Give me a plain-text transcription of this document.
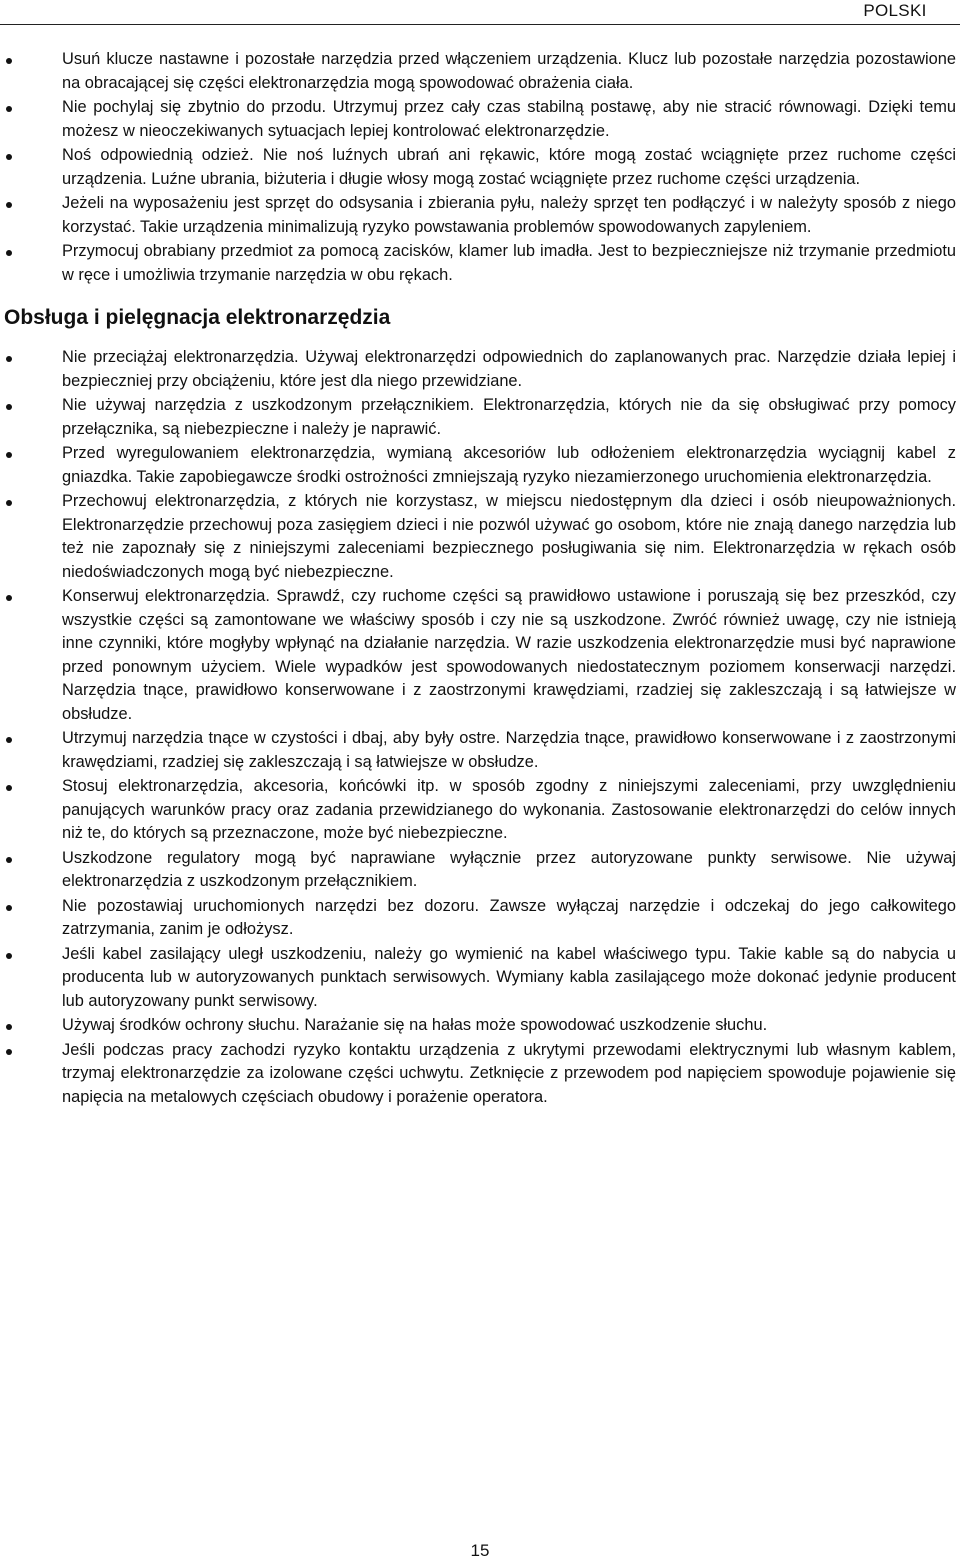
POLSKI
Usuń klucze nastawne i pozostałe narzędzia przed włączeniem urządzenia. Klucz lub pozostałe narzędzia pozostawione na obracającej się części elektronarzędzia mogą spowodować obrażenia ciała.
Nie pochylaj się zbytnio do przodu. Utrzymuj przez cały czas stabilną postawę, aby nie stracić równowagi. Dzięki temu możesz w nieoczekiwanych sytuacjach lepiej kontrolować elektronarzędzie.
Noś odpowiednią odzież. Nie noś luźnych ubrań ani rękawic, które mogą zostać wciągnięte przez ruchome części urządzenia. Luźne ubrania, biżuteria i długie włosy mogą zostać wciągnięte przez ruchome części urządzenia.
Jeżeli na wyposażeniu jest sprzęt do odsysania i zbierania pyłu, należy sprzęt ten podłączyć i w należyty sposób z niego korzystać. Takie urządzenia minimalizują ryzyko powstawania problemów spowodowanych zapyleniem.
Przymocuj obrabiany przedmiot za pomocą zacisków, klamer lub imadła. Jest to bezpieczniejsze niż trzymanie przedmiotu w ręce i umożliwia trzymanie narzędzia w obu rękach.
Obsługa i pielęgnacja elektronarzędzia
Nie przeciążaj elektronarzędzia. Używaj elektronarzędzi odpowiednich do zaplanowanych prac. Narzędzie działa lepiej i bezpieczniej przy obciążeniu, które jest dla niego przewidziane.
Nie używaj narzędzia z uszkodzonym przełącznikiem. Elektronarzędzia, których nie da się obsługiwać przy pomocy przełącznika, są niebezpieczne i należy je naprawić.
Przed wyregulowaniem elektronarzędzia, wymianą akcesoriów lub odłożeniem elektronarzędzia wyciągnij kabel z gniazdka. Takie zapobiegawcze środki ostrożności zmniejszają ryzyko niezamierzonego uruchomienia elektronarzędzia.
Przechowuj elektronarzędzia, z których nie korzystasz, w miejscu niedostępnym dla dzieci i osób nieupoważnionych. Elektronarzędzie przechowuj poza zasięgiem dzieci i nie pozwól używać go osobom, które nie znają danego narzędzia lub też nie zapoznały się z niniejszymi zaleceniami bezpiecznego posługiwania się nim. Elektronarzędzia w rękach osób niedoświadczonych mogą być niebezpieczne.
Konserwuj elektronarzędzia. Sprawdź, czy ruchome części są prawidłowo ustawione i poruszają się bez przeszkód, czy wszystkie części są zamontowane we właściwy sposób i czy nie są uszkodzone. Zwróć również uwagę, czy nie istnieją inne czynniki, które mogłyby wpłynąć na działanie narzędzia. W razie uszkodzenia elektronarzędzie musi być naprawione przed ponownym użyciem. Wiele wypadków jest spowodowanych niedostatecznym poziomem konserwacji narzędzi. Narzędzia tnące, prawidłowo konserwowane i z zaostrzonymi krawędziami, rzadziej się zakleszczają i są łatwiejsze w obsłudze.
Utrzymuj narzędzia tnące w czystości i dbaj, aby były ostre. Narzędzia tnące, prawidłowo konserwowane i z zaostrzonymi krawędziami, rzadziej się zakleszczają i są łatwiejsze w obsłudze.
Stosuj elektronarzędzia, akcesoria, końcówki itp. w sposób zgodny z niniejszymi zaleceniami, przy uwzględnieniu panujących warunków pracy oraz zadania przewidzianego do wykonania. Zastosowanie elektronarzędzi do celów innych niż te, do których są przeznaczone, może być niebezpieczne.
Uszkodzone regulatory mogą być naprawiane wyłącznie przez autoryzowane punkty serwisowe. Nie używaj elektronarzędzia z uszkodzonym przełącznikiem.
Nie pozostawiaj uruchomionych narzędzi bez dozoru. Zawsze wyłączaj narzędzie i odczekaj do jego całkowitego zatrzymania, zanim je odłożysz.
Jeśli kabel zasilający uległ uszkodzeniu, należy go wymienić na kabel właściwego typu. Takie kable są do nabycia u producenta lub w autoryzowanych punktach serwisowych. Wymiany kabla zasilającego może dokonać jedynie producent lub autoryzowany punkt serwisowy.
Używaj środków ochrony słuchu. Narażanie się na hałas może spowodować uszkodzenie słuchu.
Jeśli podczas pracy zachodzi ryzyko kontaktu urządzenia z ukrytymi przewodami elektrycznymi lub własnym kablem, trzymaj elektronarzędzie za izolowane części uchwytu. Zetknięcie z przewodem pod napięciem spowoduje pojawienie się napięcia na metalowych częściach obudowy i porażenie operatora.
15
